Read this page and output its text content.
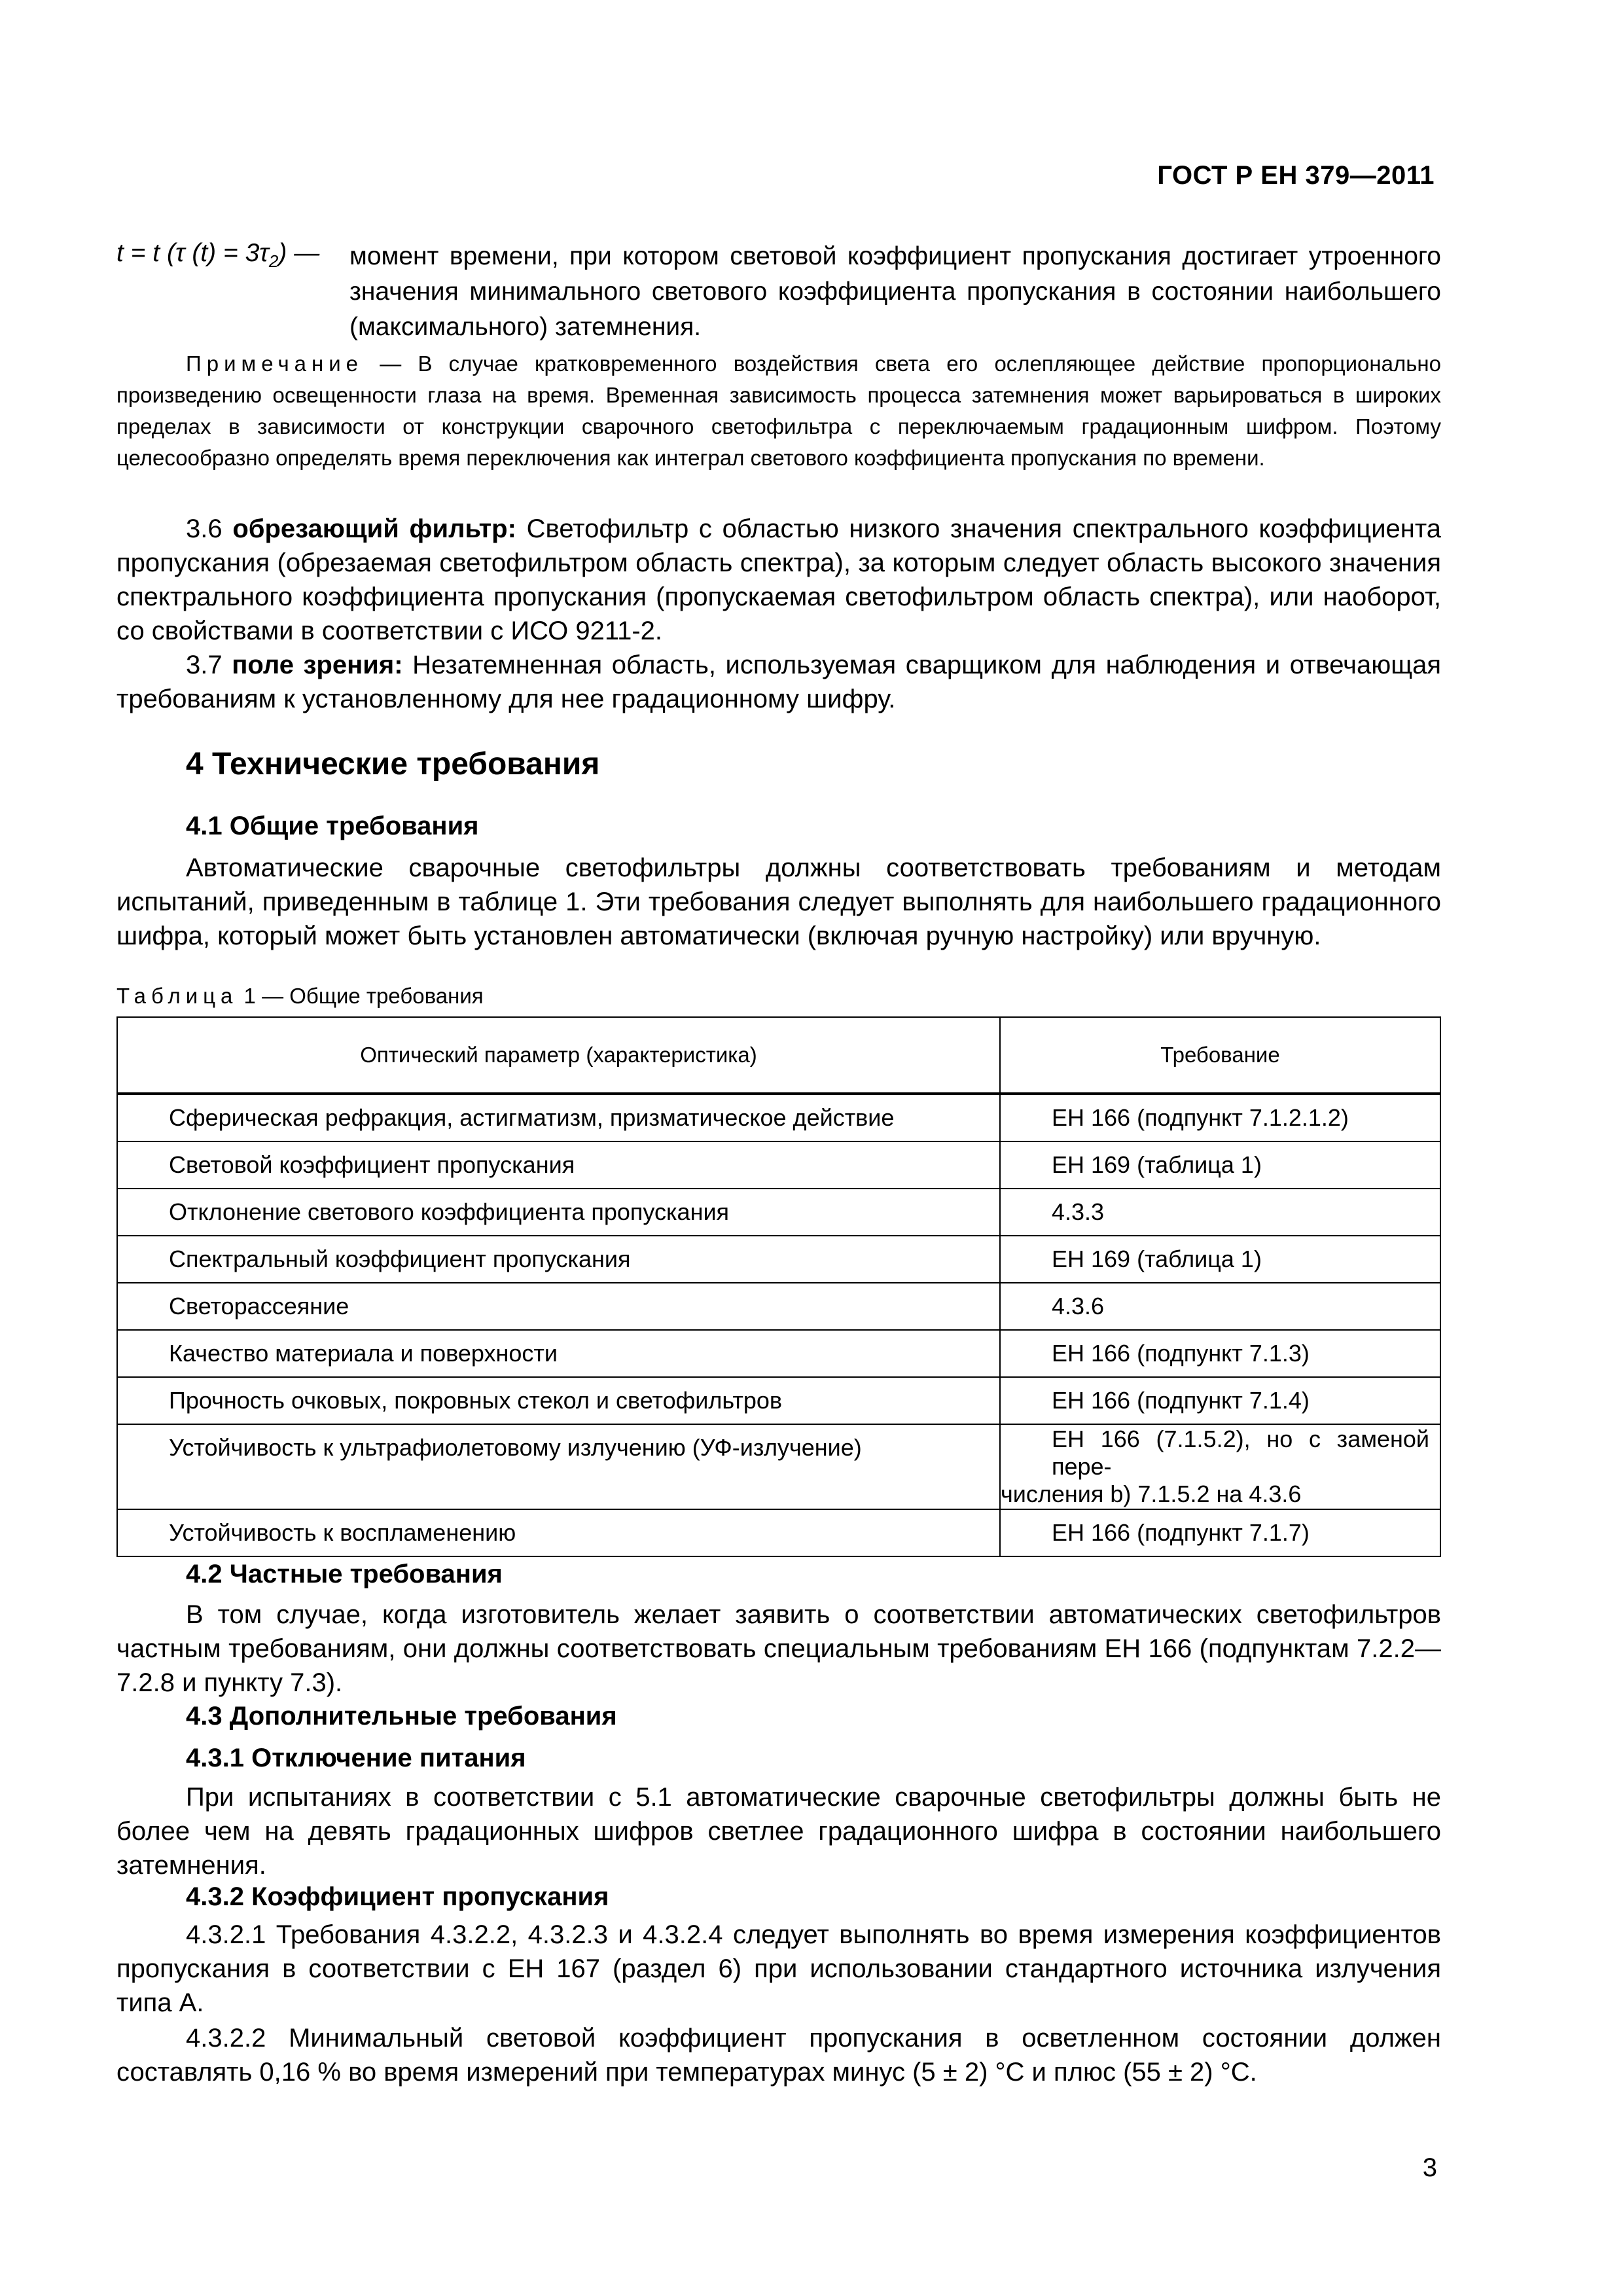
ГОСТ Р ЕН 379—2011
t = t (τ $(t) = 3\tau_2$) — момент времени, при котором световой коэффициент пропускания достигает утроенного значения минимального светового коэффициента пропускания в состоянии наибольшего (максимального) затемнения.
Примечание — В случае кратковременного воздействия света его ослепляющее действие пропорционально произведению освещенности глаза на время. Временная зависимость процесса затемнения может варьироваться в широких пределах в зависимости от конструкции сварочного светофильтра с переключаемым градационным шифром. Поэтому целесообразно определять время переключения как интеграл светового коэффициента пропускания по времени.
3.6 обрезающий фильтр: Светофильтр с областью низкого значения спектрального коэффициента пропускания (обрезаемая светофильтром область спектра), за которым следует область высокого значения спектрального коэффициента пропускания (пропускаемая светофильтром область спектра), или наоборот, со свойствами в соответствии с ИСО 9211-2.
3.7 поле зрения: Незатемненная область, используемая сварщиком для наблюдения и отвечающая требованиям к установленному для нее градационному шифру.
4 Технические требования
4.1 Общие требования
Автоматические сварочные светофильтры должны соответствовать требованиям и методам испытаний, приведенным в таблице 1. Эти требования следует выполнять для наибольшего градационного шифра, который может быть установлен автоматически (включая ручную настройку) или вручную.
Таблица 1 — Общие требования
Оптический параметр (характеристика)	Требование
Сферическая рефракция, астигматизм, призматическое действие	ЕН 166 (подпункт 7.1.2.1.2)
Световой коэффициент пропускания	ЕН 169 (таблица 1)
Отклонение светового коэффициента пропускания	4.3.3
Спектральный коэффициент пропускания	ЕН 169 (таблица 1)
Светорассеяние	4.3.6
Качество материала и поверхности	ЕН 166 (подпункт 7.1.3)
Прочность очковых, покровных стекол и светофильтров	ЕН 166 (подпункт 7.1.4)
Устойчивость к ультрафиолетовому излучению (УФ-излучение)	ЕН 166 (7.1.5.2), но с заменой пере-
числения b) 7.1.5.2 на 4.3.6

Устойчивость к воспламенению	ЕН 166 (подпункт 7.1.7)
4.2 Частные требования
В том случае, когда изготовитель желает заявить о соответствии автоматических светофильтров частным требованиям, они должны соответствовать специальным требованиям ЕН 166 (подпунктам 7.2.2—7.2.8 и пункту 7.3).
4.3 Дополнительные требования
4.3.1 Отключение питания
При испытаниях в соответствии с 5.1 автоматические сварочные светофильтры должны быть не более чем на девять градационных шифров светлее градационного шифра в состоянии наибольшего затемнения.
4.3.2 Коэффициент пропускания
4.3.2.1 Требования 4.3.2.2, 4.3.2.3 и 4.3.2.4 следует выполнять во время измерения коэффициентов пропускания в соответствии с ЕН 167 (раздел 6) при использовании стандартного источника излучения типа А.
4.3.2.2 Минимальный световой коэффициент пропускания в осветленном состоянии должен составлять 0,16 % во время измерений при температурах минус (5 ± 2) °С и плюс (55 ± 2) °С.
3
